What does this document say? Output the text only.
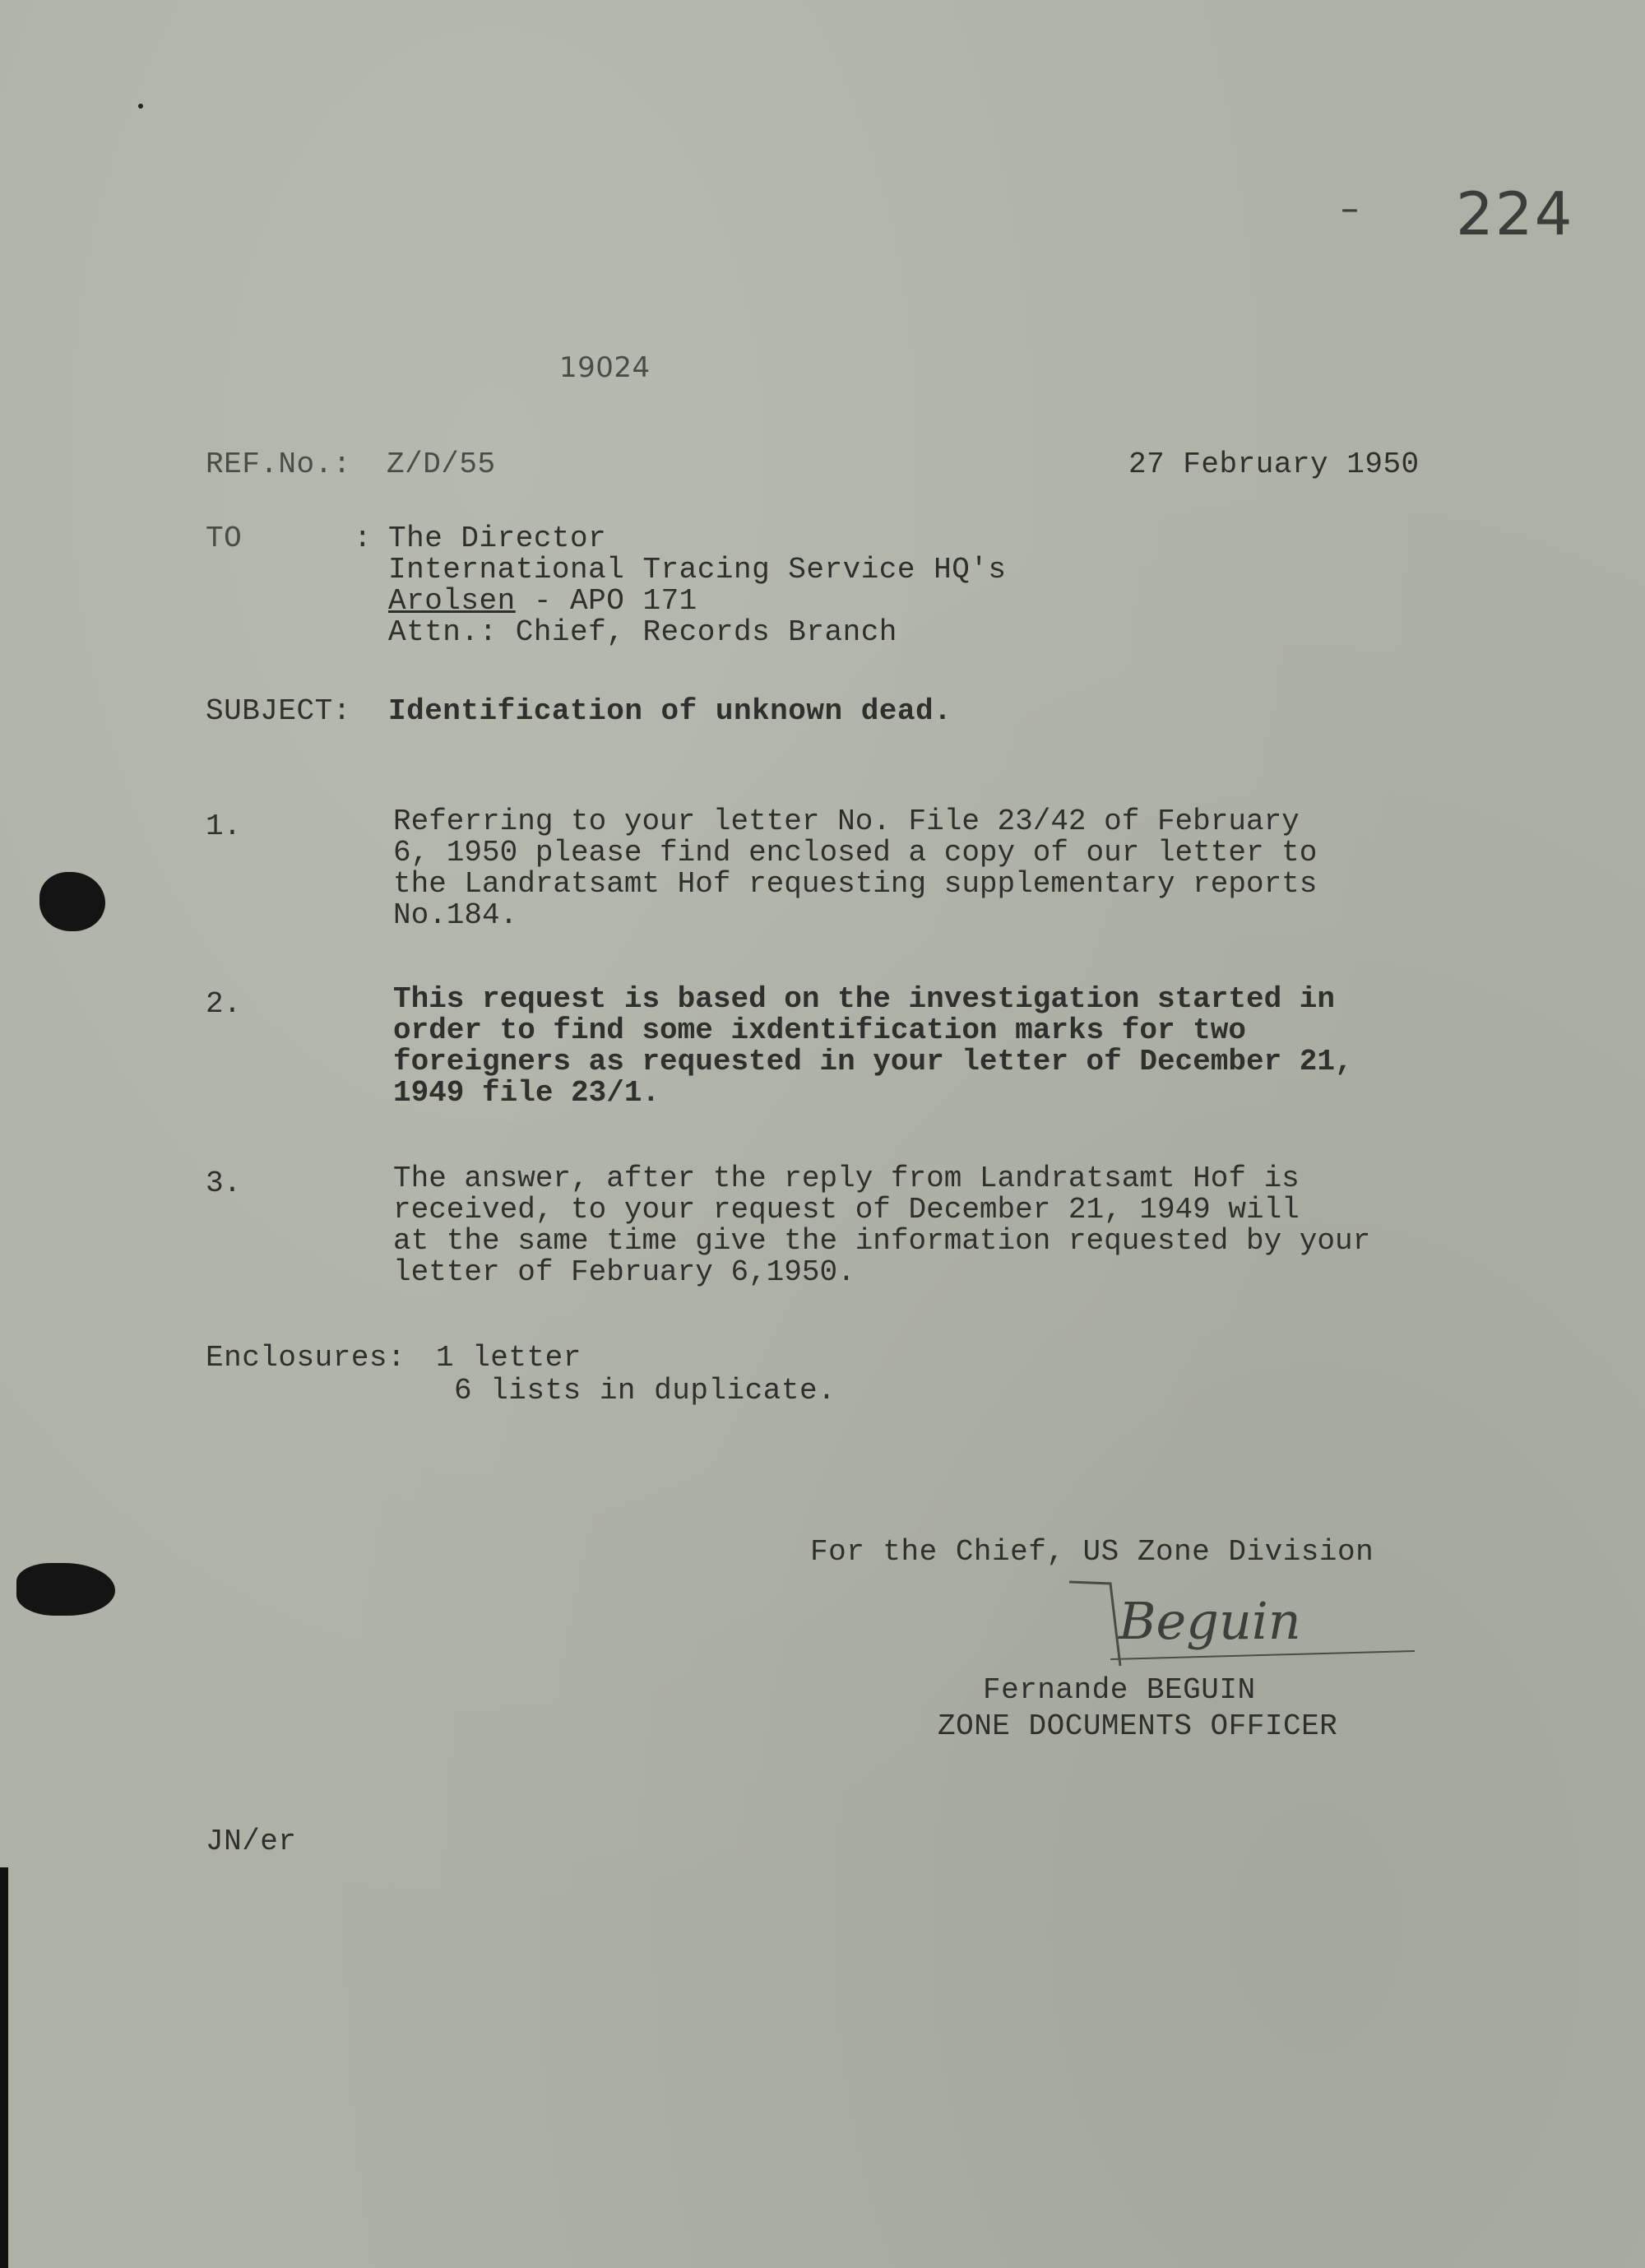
– 224
19024
REF.No.: Z/D/55	27 February 1950
TO	: The Director
International Tracing Service HQ's
Arolsen - APO 171
Attn.: Chief, Records Branch
SUBJECT: Identification of unknown dead.
1.	Referring to your letter No. File 23/42 of February
6, 1950 please find enclosed a copy of our letter to
the Landratsamt Hof requesting supplementary reports
No.184.
2.	This request is based on the investigation started in
order to find some ixdentification marks for two
foreigners as requested in your letter of December 21,
1949 file 23/1.
3.	The answer, after the reply from Landratsamt Hof is
received, to your request of December 21, 1949 will
at the same time give the information requested by your
letter of February 6,1950.
Enclosures: 1 letter
6 lists in duplicate.
For the Chief, US Zone Division
Beguin
Fernande BEGUIN
ZONE DOCUMENTS OFFICER
JN/er
